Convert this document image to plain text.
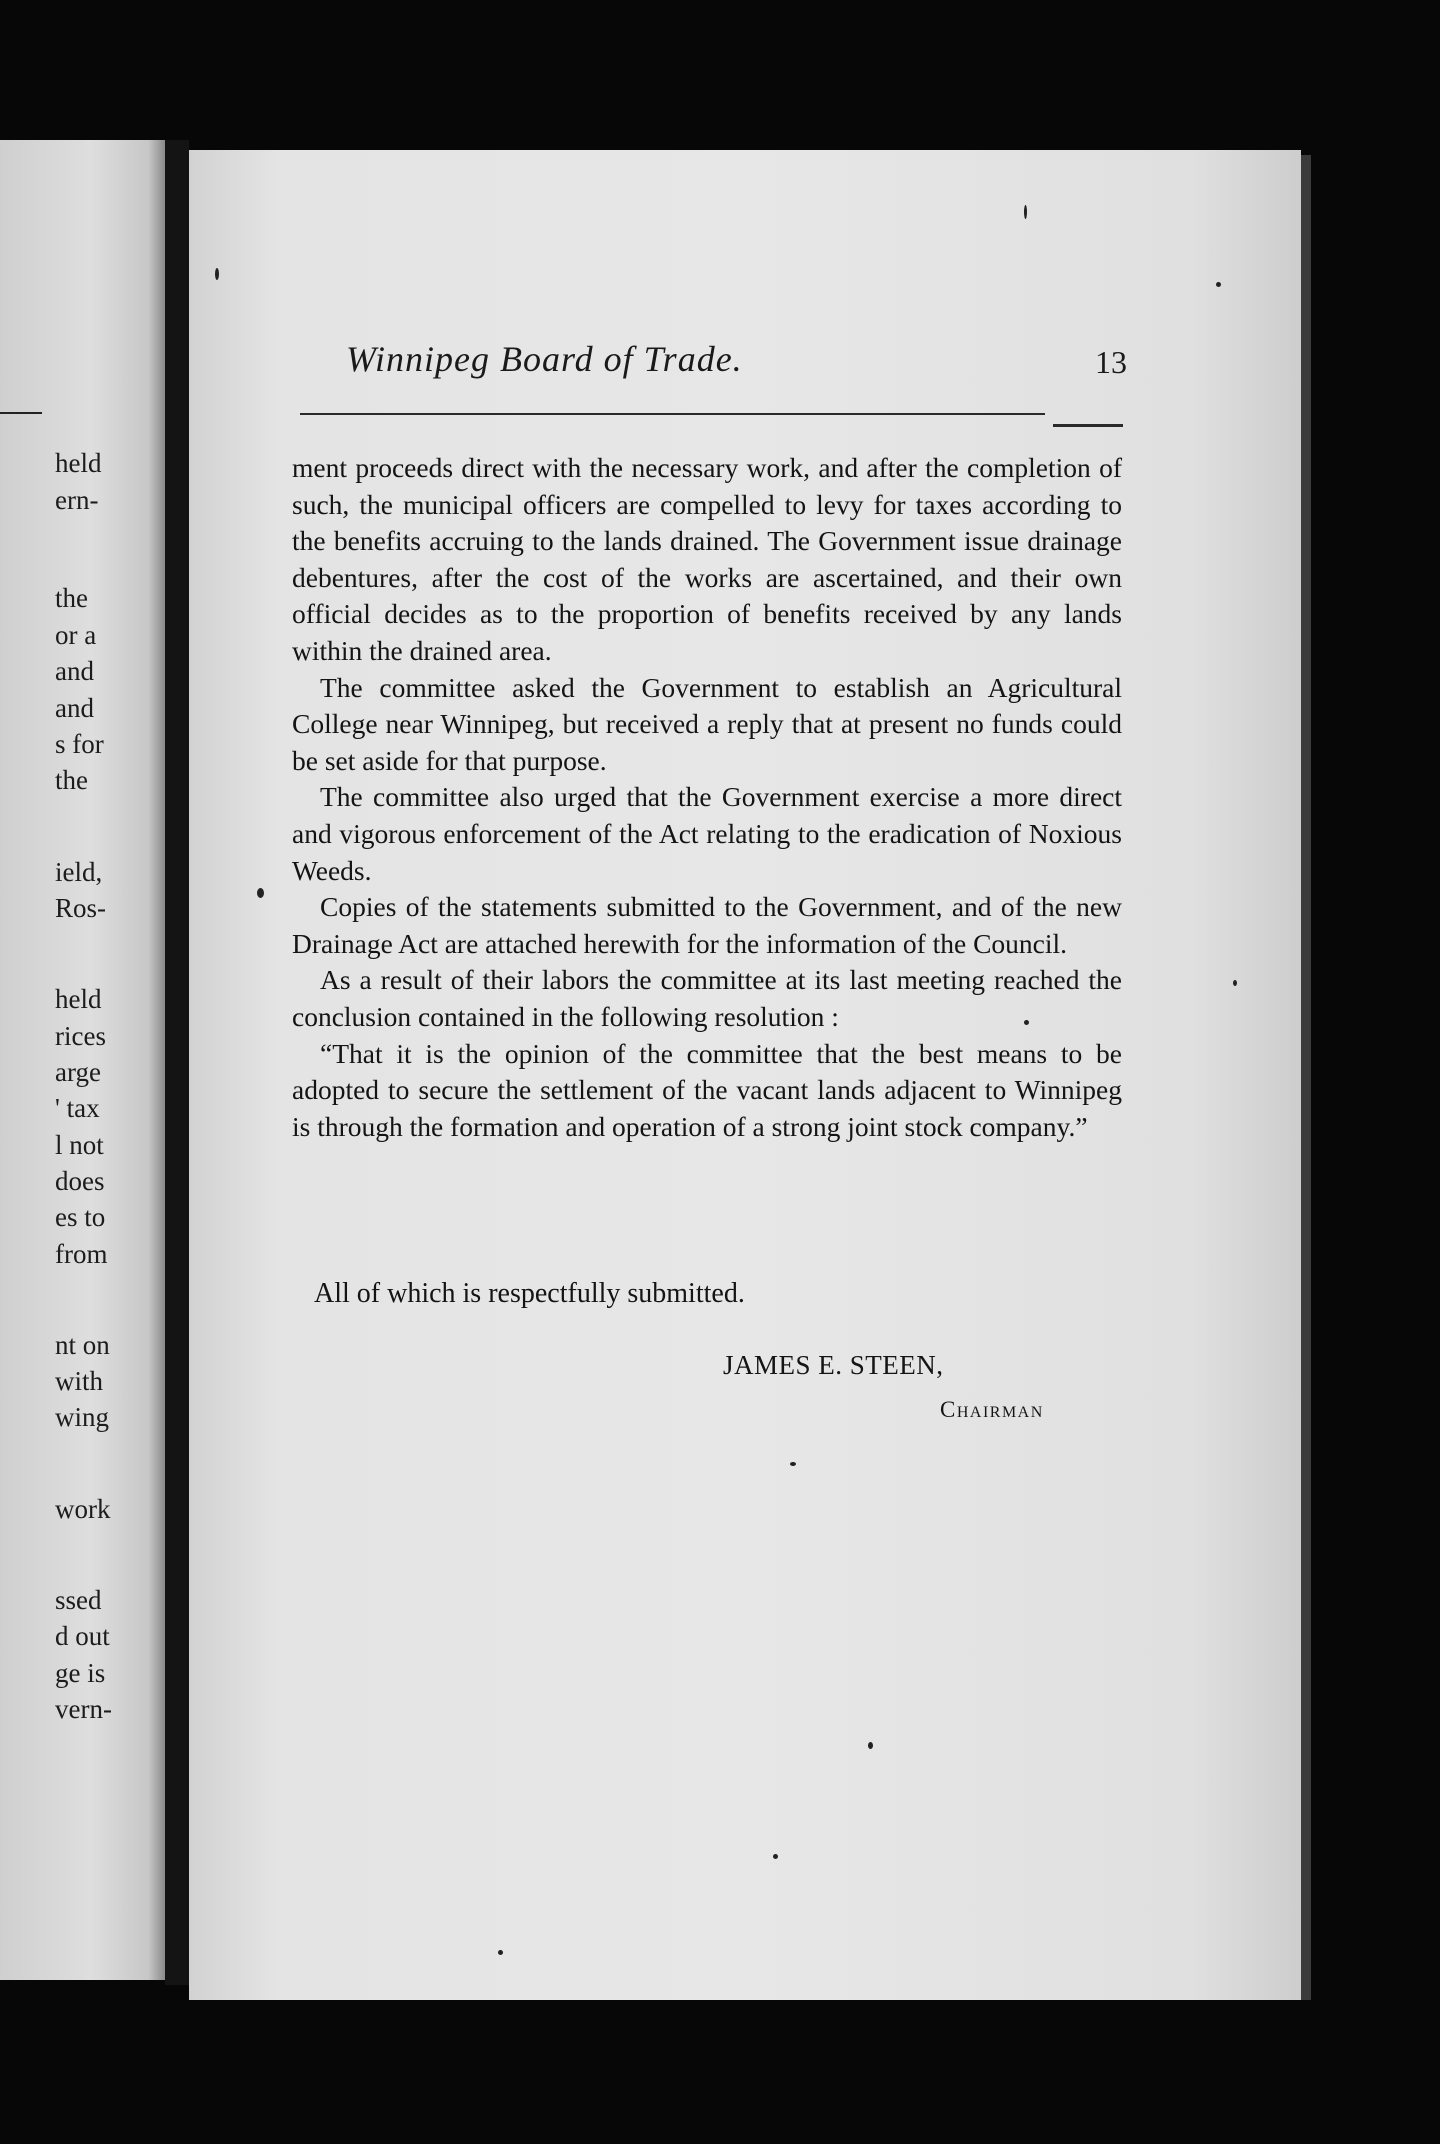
held
ern-
the
or a
and
and
s for
the
ield,
Ros-
held
rices
arge
' tax
l not
does
es to
from
nt on
with
wing
work
ssed
d out
ge is
vern-
Winnipeg Board of Trade.	13

ment proceeds direct with the necessary work, and after the completion of such, the municipal officers are compelled to levy for taxes according to the benefits accruing to the lands drained. The Government issue drainage debentures, after the cost of the works are ascertained, and their own official decides as to the proportion of benefits received by any lands within the drained area.

The committee asked the Government to establish an Agricultural College near Winnipeg, but received a reply that at present no funds could be set aside for that purpose.

The committee also urged that the Government exercise a more direct and vigorous enforcement of the Act relating to the eradication of Noxious Weeds.

Copies of the statements submitted to the Government, and of the new Drainage Act are attached herewith for the information of the Council.

As a result of their labors the committee at its last meeting reached the conclusion contained in the following resolution :

“That it is the opinion of the committee that the best means to be adopted to secure the settlement of the vacant lands adjacent to Winnipeg is through the formation and operation of a strong joint stock company.”

All of which is respectfully submitted.
JAMES E. STEEN,
Chairman
